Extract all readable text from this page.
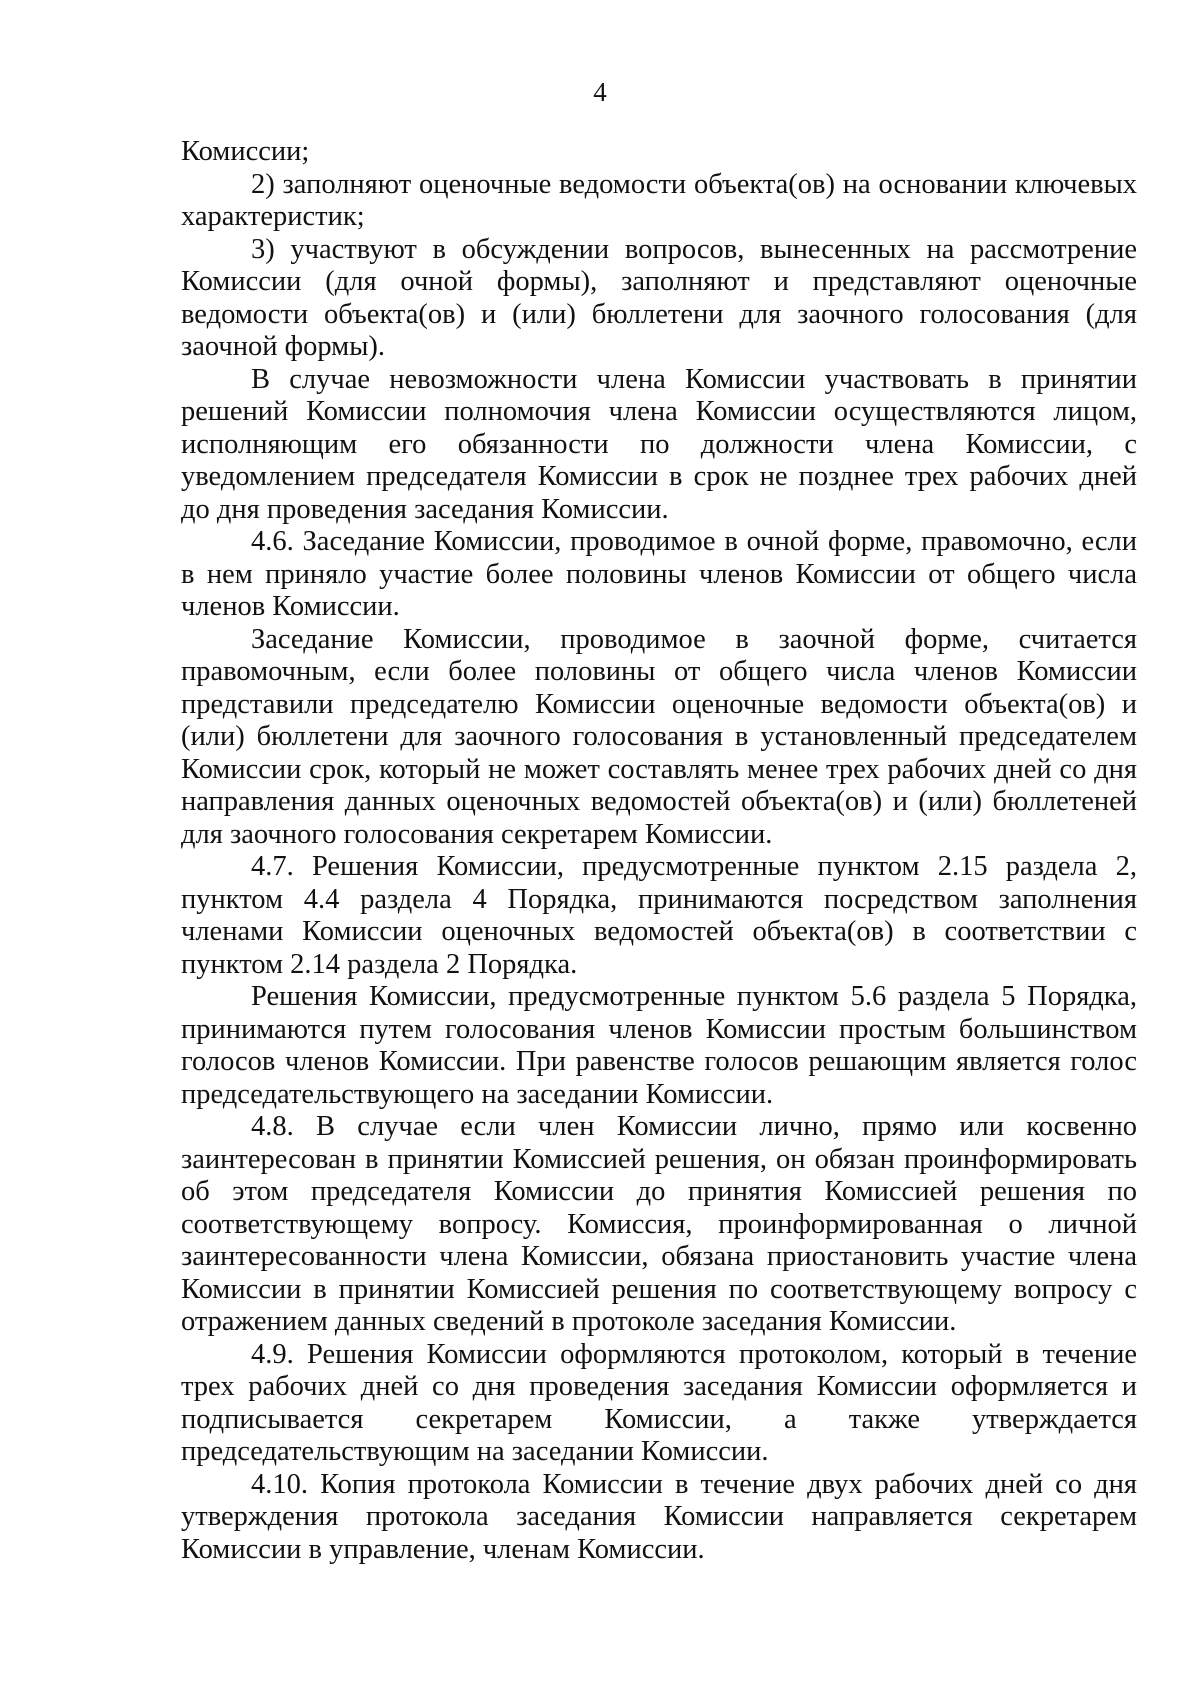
4

Комиссии;

2) заполняют оценочные ведомости объекта(ов) на основании ключевых характеристик;

3) участвуют в обсуждении вопросов, вынесенных на рассмотрение Комиссии (для очной формы), заполняют и представляют оценочные ведомости объекта(ов) и (или) бюллетени для заочного голосования (для заочной формы).

В случае невозможности члена Комиссии участвовать в принятии решений Комиссии полномочия члена Комиссии осуществляются лицом, исполняющим его обязанности по должности члена Комиссии, с уведомлением председателя Комиссии в срок не позднее трех рабочих дней до дня проведения заседания Комиссии.

4.6. Заседание Комиссии, проводимое в очной форме, правомочно, если в нем приняло участие более половины членов Комиссии от общего числа членов Комиссии.

Заседание Комиссии, проводимое в заочной форме, считается правомочным, если более половины от общего числа членов Комиссии представили председателю Комиссии оценочные ведомости объекта(ов) и (или) бюллетени для заочного голосования в установленный председателем Комиссии срок, который не может составлять менее трех рабочих дней со дня направления данных оценочных ведомостей объекта(ов) и (или) бюллетеней для заочного голосования секретарем Комиссии.

4.7. Решения Комиссии, предусмотренные пунктом 2.15 раздела 2, пунктом 4.4 раздела 4 Порядка, принимаются посредством заполнения членами Комиссии оценочных ведомостей объекта(ов) в соответствии с пунктом 2.14 раздела 2 Порядка.

Решения Комиссии, предусмотренные пунктом 5.6 раздела 5 Порядка, принимаются путем голосования членов Комиссии простым большинством голосов членов Комиссии. При равенстве голосов решающим является голос председательствующего на заседании Комиссии.

4.8. В случае если член Комиссии лично, прямо или косвенно заинтересован в принятии Комиссией решения, он обязан проинформировать об этом председателя Комиссии до принятия Комиссией решения по соответствующему вопросу. Комиссия, проинформированная о личной заинтересованности члена Комиссии, обязана приостановить участие члена Комиссии в принятии Комиссией решения по соответствующему вопросу с отражением данных сведений в протоколе заседания Комиссии.

4.9. Решения Комиссии оформляются протоколом, который в течение трех рабочих дней со дня проведения заседания Комиссии оформляется и подписывается секретарем Комиссии, а также утверждается председательствующим на заседании Комиссии.

4.10. Копия протокола Комиссии в течение двух рабочих дней со дня утверждения протокола заседания Комиссии направляется секретарем Комиссии в управление, членам Комиссии.
